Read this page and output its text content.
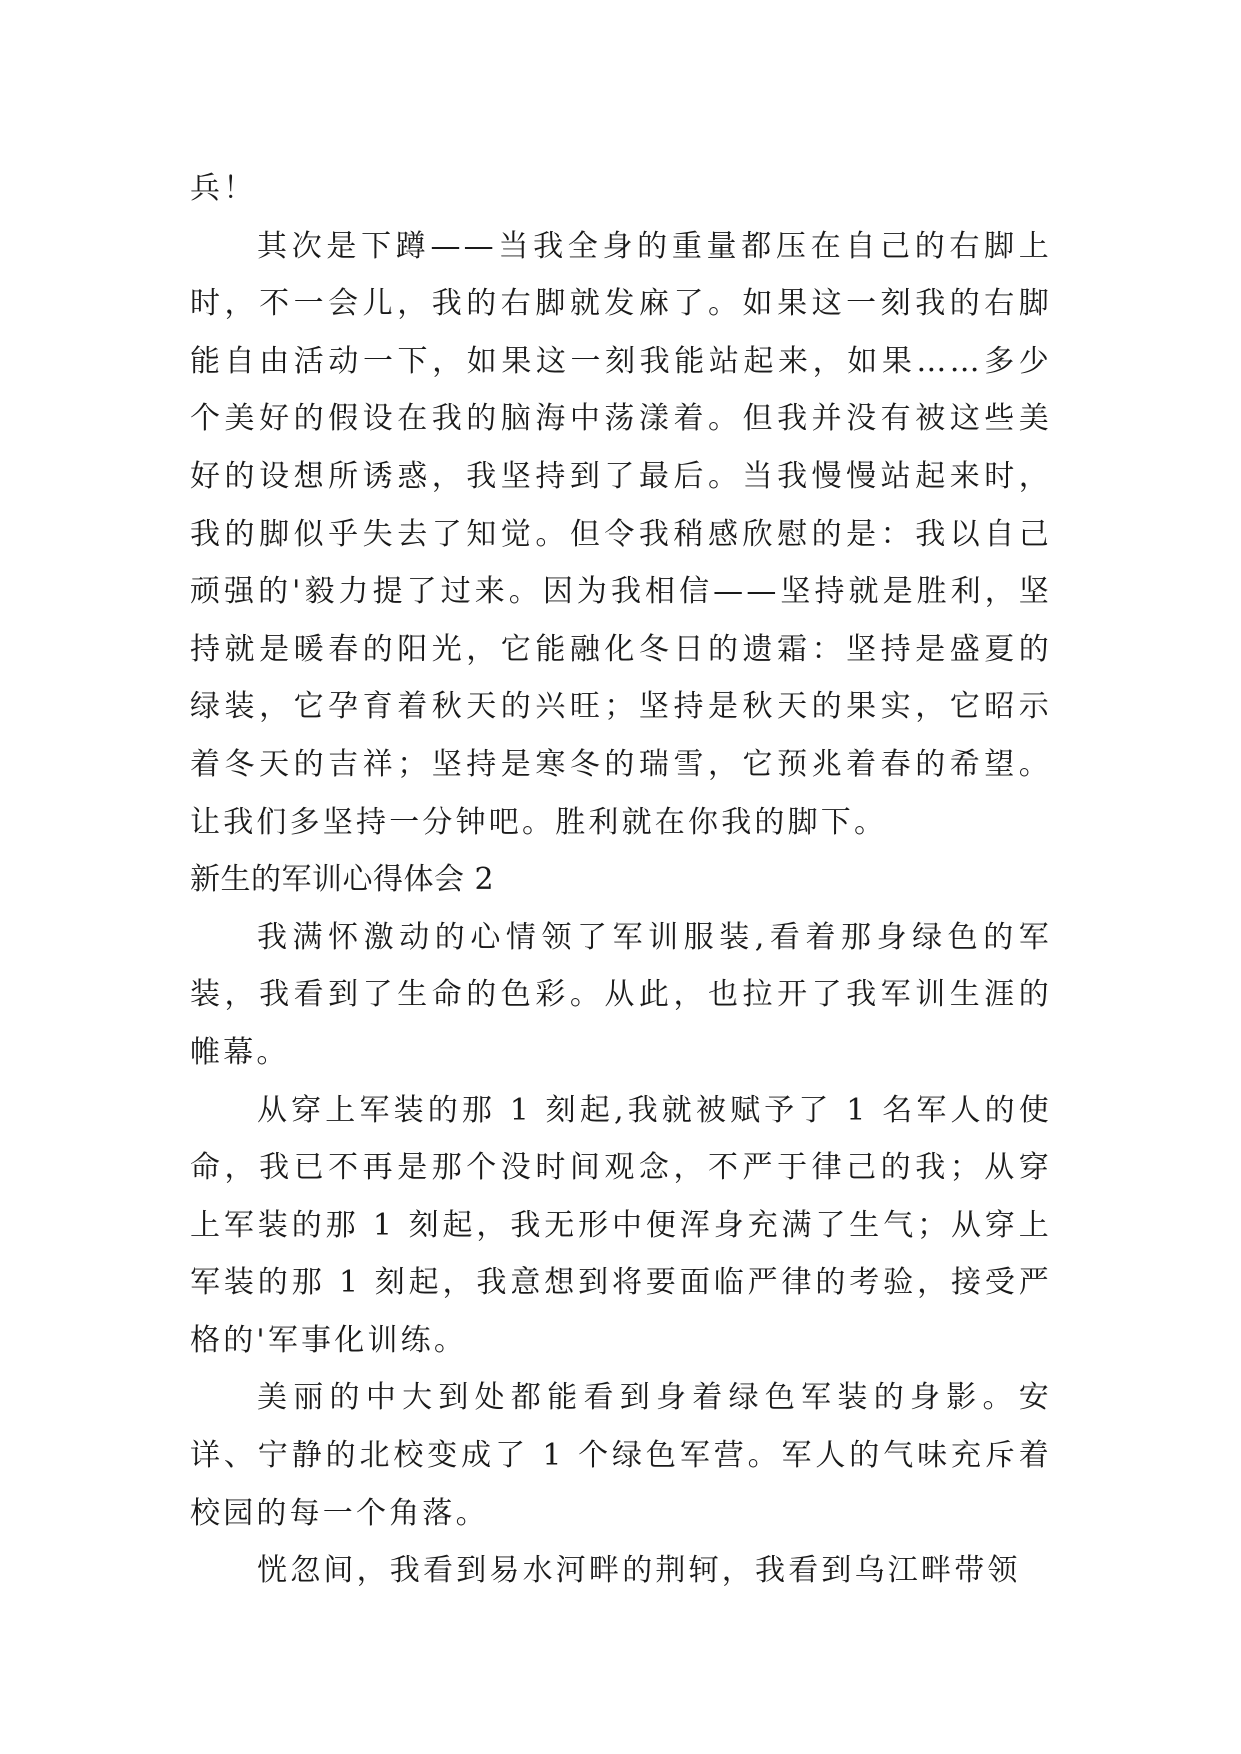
兵！

其次是下蹲——当我全身的重量都压在自己的右脚上时，不一会儿，我的右脚就发麻了。如果这一刻我的右脚能自由活动一下，如果这一刻我能站起来，如果……多少个美好的假设在我的脑海中荡漾着。但我并没有被这些美好的设想所诱惑，我坚持到了最后。当我慢慢站起来时，我的脚似乎失去了知觉。但令我稍感欣慰的是：我以自己顽强的'毅力提了过来。因为我相信——坚持就是胜利，坚持就是暖春的阳光，它能融化冬日的遗霜：坚持是盛夏的绿装，它孕育着秋天的兴旺；坚持是秋天的果实，它昭示着冬天的吉祥；坚持是寒冬的瑞雪，它预兆着春的希望。让我们多坚持一分钟吧。胜利就在你我的脚下。

新生的军训心得体会 2

我满怀激动的心情领了军训服装,看着那身绿色的军装，我看到了生命的色彩。从此，也拉开了我军训生涯的帷幕。

从穿上军装的那 1 刻起,我就被赋予了 1 名军人的使命，我已不再是那个没时间观念，不严于律己的我；从穿上军装的那 1 刻起，我无形中便浑身充满了生气；从穿上军装的那 1 刻起，我意想到将要面临严律的考验，接受严格的'军事化训练。

美丽的中大到处都能看到身着绿色军装的身影。安详、宁静的北校变成了 1 个绿色军营。军人的气味充斥着校园的每一个角落。

恍忽间，我看到易水河畔的荆轲，我看到乌江畔带领
